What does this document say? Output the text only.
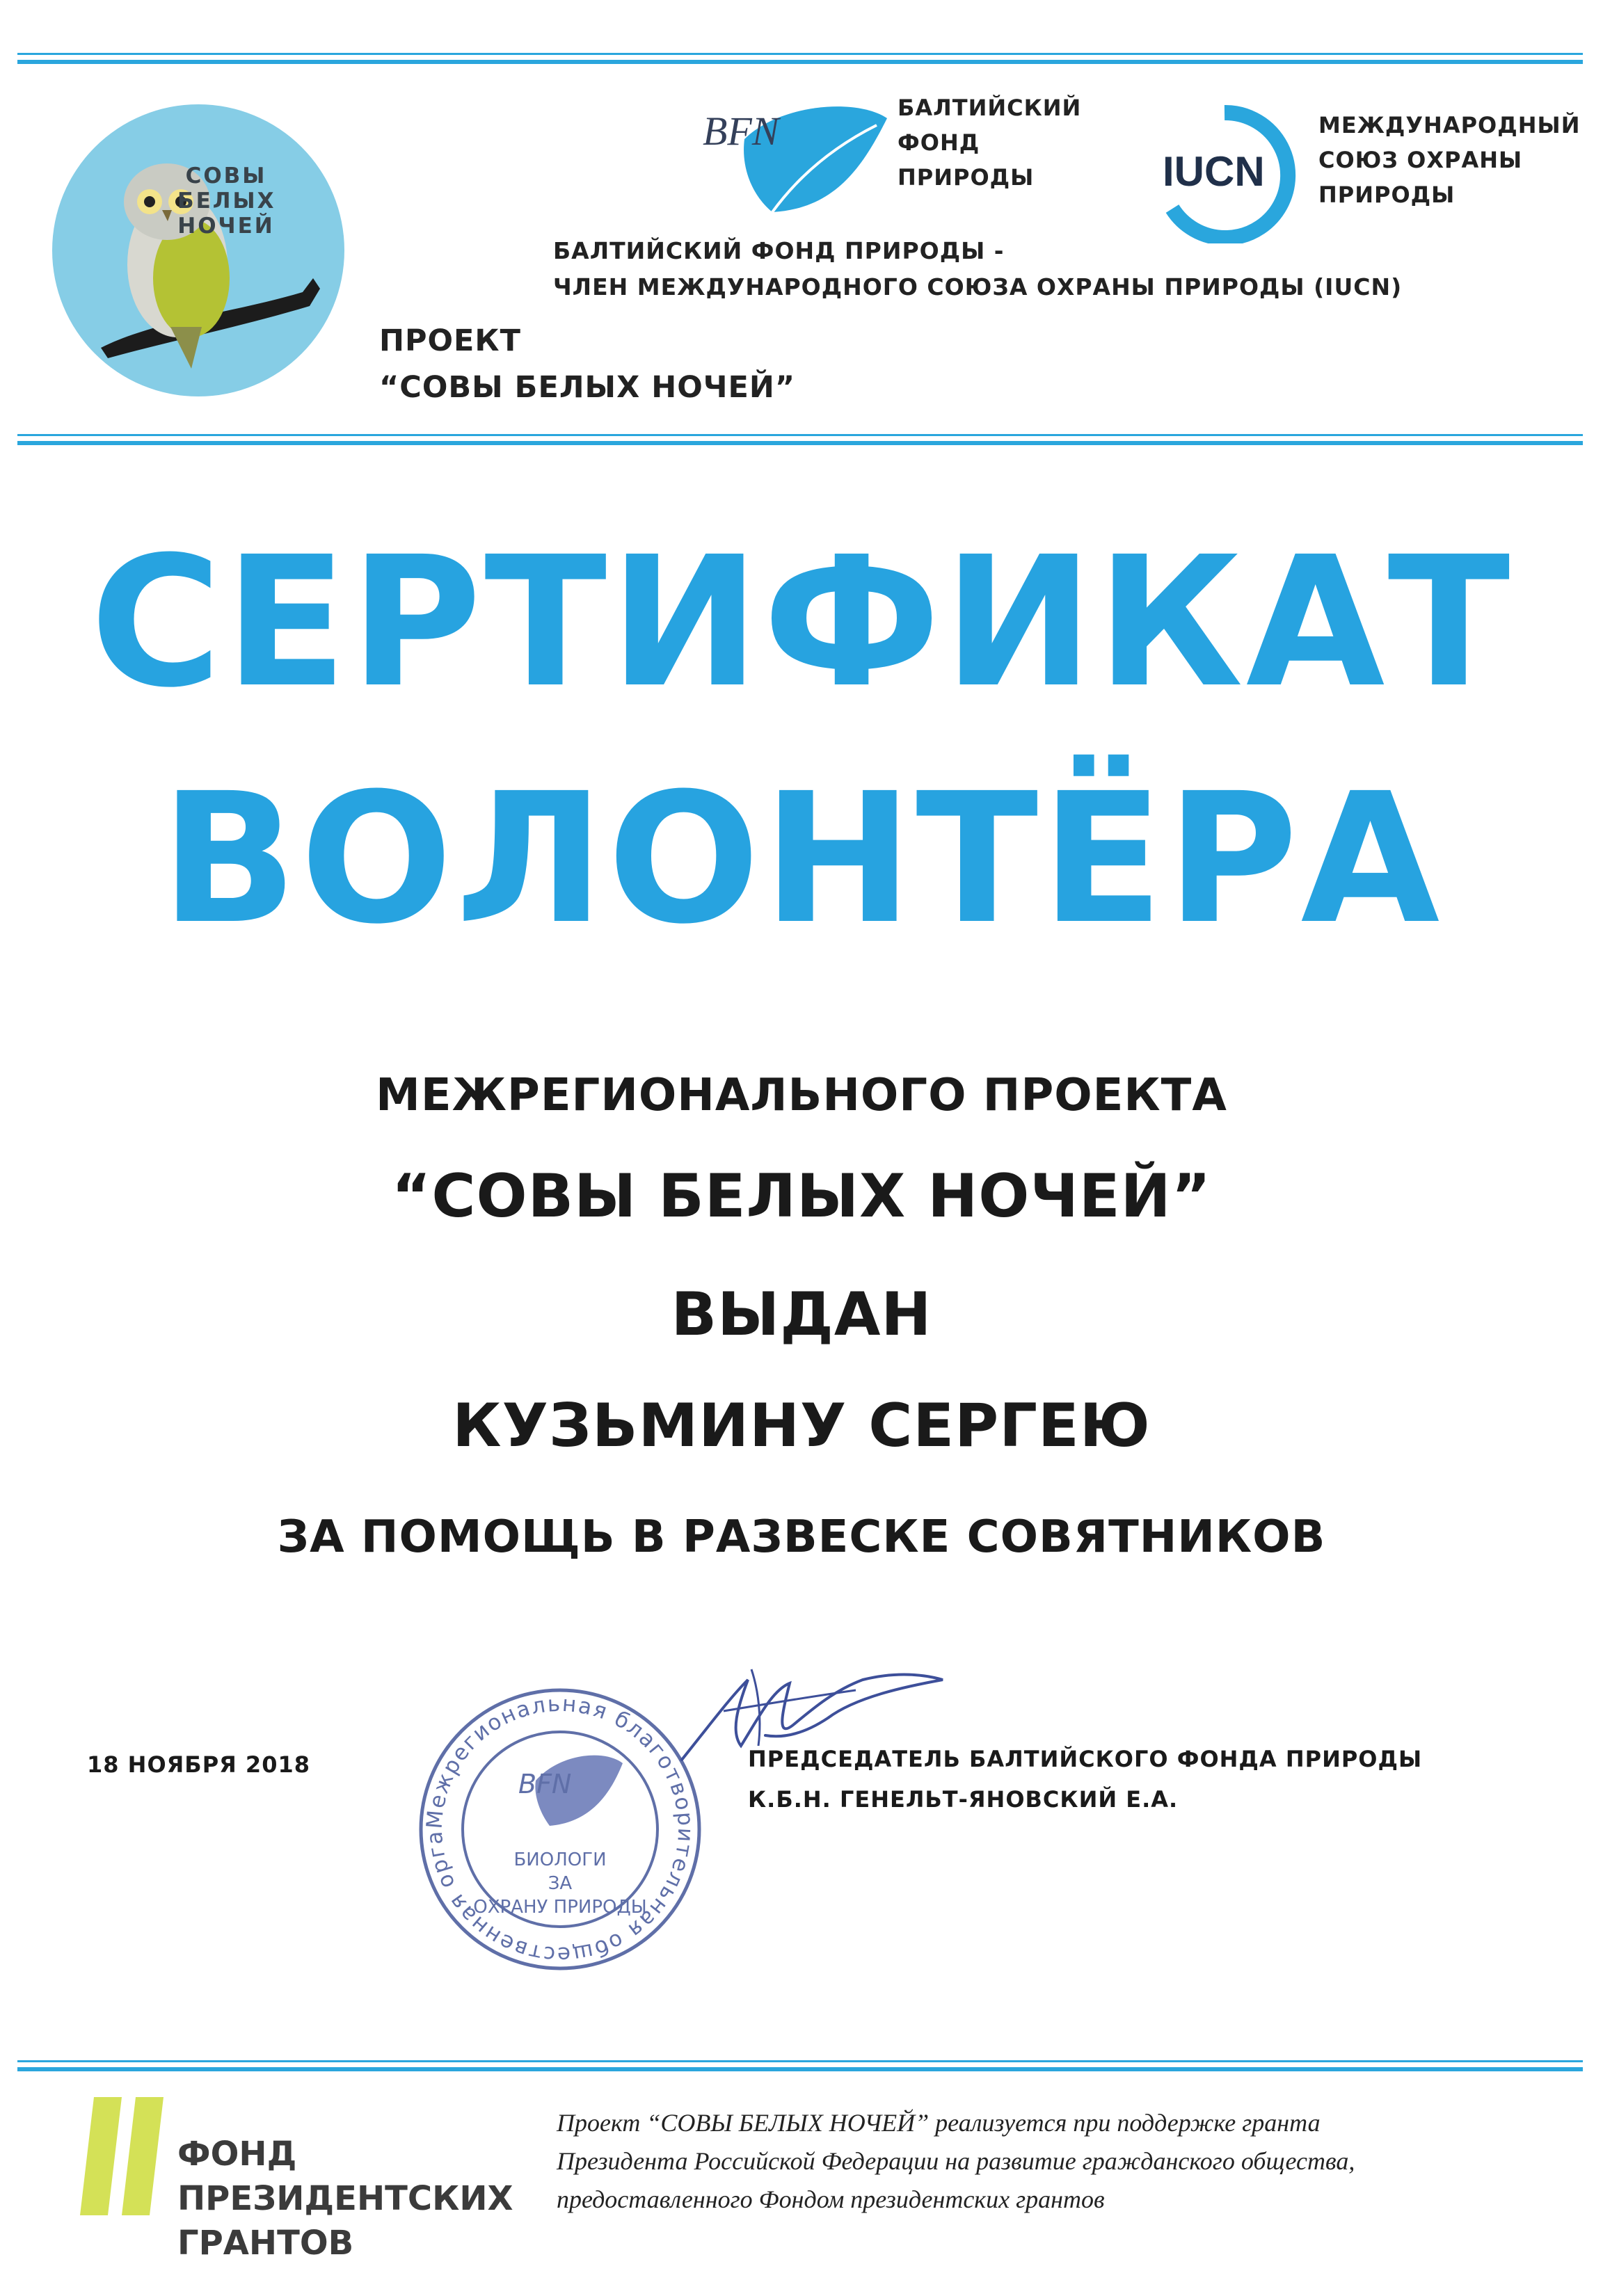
СОВЫ
БЕЛЫХ
НОЧЕЙ
BFN
БАЛТИЙСКИЙ
ФОНД
ПРИРОДЫ	IUCN
МЕЖДУНАРОДНЫЙ
СОЮЗ ОХРАНЫ
ПРИРОДЫ
БАЛТИЙСКИЙ ФОНД ПРИРОДЫ -
ЧЛЕН МЕЖДУНАРОДНОГО СОЮЗА ОХРАНЫ ПРИРОДЫ (IUCN)
ПРОЕКТ
“СОВЫ БЕЛЫХ НОЧЕЙ”
СЕРТИФИКАТ
ВОЛОНТЁРА
МЕЖРЕГИОНАЛЬНОГО ПРОЕКТА
“СОВЫ БЕЛЫХ НОЧЕЙ”
ВЫДАН
КУЗЬМИНУ СЕРГЕЮ
ЗА ПОМОЩЬ В РАЗВЕСКЕ СОВЯТНИКОВ
Межрегиональная благотворительная общественная орга
BFN
БИОЛОГИ
ЗА
ОХРАНУ ПРИРОДЫ
18 НОЯБРЯ 2018	ПРЕДСЕДАТЕЛЬ БАЛТИЙСКОГО ФОНДА ПРИРОДЫ
К.Б.Н. ГЕНЕЛЬТ-ЯНОВСКИЙ Е.А.
ФОНД
ПРЕЗИДЕНТСКИХ
ГРАНТОВ
Проект “СОВЫ БЕЛЫХ НОЧЕЙ” реализуется при поддержке гранта
Президента Российской Федерации на развитие гражданского общества,
предоставленного Фондом президентских грантов
